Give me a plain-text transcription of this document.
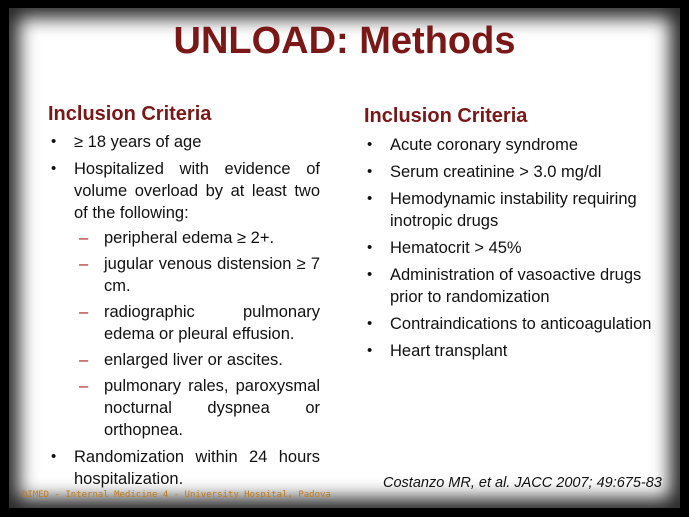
UNLOAD: Methods
Inclusion Criteria
• ≥ 18 years of age
• Hospitalized with evidence of volume overload by at least two of the following:
– peripheral edema ≥ 2+.
– jugular venous distension ≥ 7 cm.
– radiographic pulmonary edema or pleural effusion.
– enlarged liver or ascites.
– pulmonary rales, paroxysmal nocturnal dyspnea or orthopnea.
• Randomization within 24 hours hospitalization.
Inclusion Criteria
• Acute coronary syndrome
• Serum creatinine > 3.0 mg/dl
• Hemodynamic instability requiring inotropic drugs
• Hematocrit > 45%
• Administration of vasoactive drugs prior to randomization
• Contraindications to anticoagulation
• Heart transplant
Costanzo MR, et al. JACC 2007; 49:675-83
DIMED - Internal Medicine 4 - University Hospital, Padova
